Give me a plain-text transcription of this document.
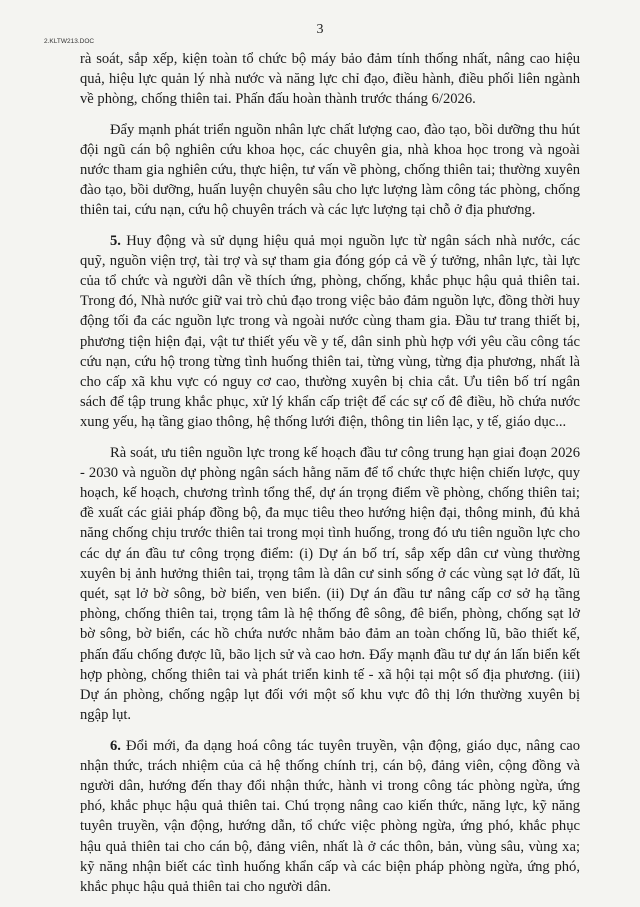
2.KLTW213.DOC
3

rà soát, sắp xếp, kiện toàn tổ chức bộ máy bảo đảm tính thống nhất, nâng cao hiệu quả, hiệu lực quản lý nhà nước và năng lực chỉ đạo, điều hành, điều phối liên ngành về phòng, chống thiên tai. Phấn đấu hoàn thành trước tháng 6/2026.

Đẩy mạnh phát triển nguồn nhân lực chất lượng cao, đào tạo, bồi dưỡng thu hút đội ngũ cán bộ nghiên cứu khoa học, các chuyên gia, nhà khoa học trong và ngoài nước tham gia nghiên cứu, thực hiện, tư vấn về phòng, chống thiên tai; thường xuyên đào tạo, bồi dưỡng, huấn luyện chuyên sâu cho lực lượng làm công tác phòng, chống thiên tai, cứu nạn, cứu hộ chuyên trách và các lực lượng tại chỗ ở địa phương.

5. Huy động và sử dụng hiệu quả mọi nguồn lực từ ngân sách nhà nước, các quỹ, nguồn viện trợ, tài trợ và sự tham gia đóng góp cả về ý tưởng, nhân lực, tài lực của tổ chức và người dân về thích ứng, phòng, chống, khắc phục hậu quả thiên tai. Trong đó, Nhà nước giữ vai trò chủ đạo trong việc bảo đảm nguồn lực, đồng thời huy động tối đa các nguồn lực trong và ngoài nước cùng tham gia. Đầu tư trang thiết bị, phương tiện hiện đại, vật tư thiết yếu về y tế, dân sinh phù hợp với yêu cầu công tác cứu nạn, cứu hộ trong từng tình huống thiên tai, từng vùng, từng địa phương, nhất là cho cấp xã khu vực có nguy cơ cao, thường xuyên bị chia cắt. Ưu tiên bố trí ngân sách để tập trung khắc phục, xử lý khẩn cấp triệt để các sự cố đê điều, hồ chứa nước xung yếu, hạ tầng giao thông, hệ thống lưới điện, thông tin liên lạc, y tế, giáo dục...

Rà soát, ưu tiên nguồn lực trong kế hoạch đầu tư công trung hạn giai đoạn 2026 - 2030 và nguồn dự phòng ngân sách hằng năm để tổ chức thực hiện chiến lược, quy hoạch, kế hoạch, chương trình tổng thể, dự án trọng điểm về phòng, chống thiên tai; đề xuất các giải pháp đồng bộ, đa mục tiêu theo hướng hiện đại, thông minh, đủ khả năng chống chịu trước thiên tai trong mọi tình huống, trong đó ưu tiên nguồn lực cho các dự án đầu tư công trọng điểm: (i) Dự án bố trí, sắp xếp dân cư vùng thường xuyên bị ảnh hưởng thiên tai, trọng tâm là dân cư sinh sống ở các vùng sạt lở đất, lũ quét, sạt lở bờ sông, bờ biển, ven biển. (ii) Dự án đầu tư nâng cấp cơ sở hạ tầng phòng, chống thiên tai, trọng tâm là hệ thống đê sông, đê biển, phòng, chống sạt lở bờ sông, bờ biển, các hồ chứa nước nhằm bảo đảm an toàn chống lũ, bão thiết kế, phấn đấu chống được lũ, bão lịch sử và cao hơn. Đẩy mạnh đầu tư dự án lấn biển kết hợp phòng, chống thiên tai và phát triển kinh tế - xã hội tại một số địa phương. (iii) Dự án phòng, chống ngập lụt đối với một số khu vực đô thị lớn thường xuyên bị ngập lụt.

6. Đổi mới, đa dạng hoá công tác tuyên truyền, vận động, giáo dục, nâng cao nhận thức, trách nhiệm của cả hệ thống chính trị, cán bộ, đảng viên, cộng đồng và người dân, hướng đến thay đổi nhận thức, hành vi trong công tác phòng ngừa, ứng phó, khắc phục hậu quả thiên tai. Chú trọng nâng cao kiến thức, năng lực, kỹ năng tuyên truyền, vận động, hướng dẫn, tổ chức việc phòng ngừa, ứng phó, khắc phục hậu quả thiên tai cho cán bộ, đảng viên, nhất là ở các thôn, bản, vùng sâu, vùng xa; kỹ năng nhận biết các tình huống khẩn cấp và các biện pháp phòng ngừa, ứng phó, khắc phục hậu quả thiên tai cho người dân.
